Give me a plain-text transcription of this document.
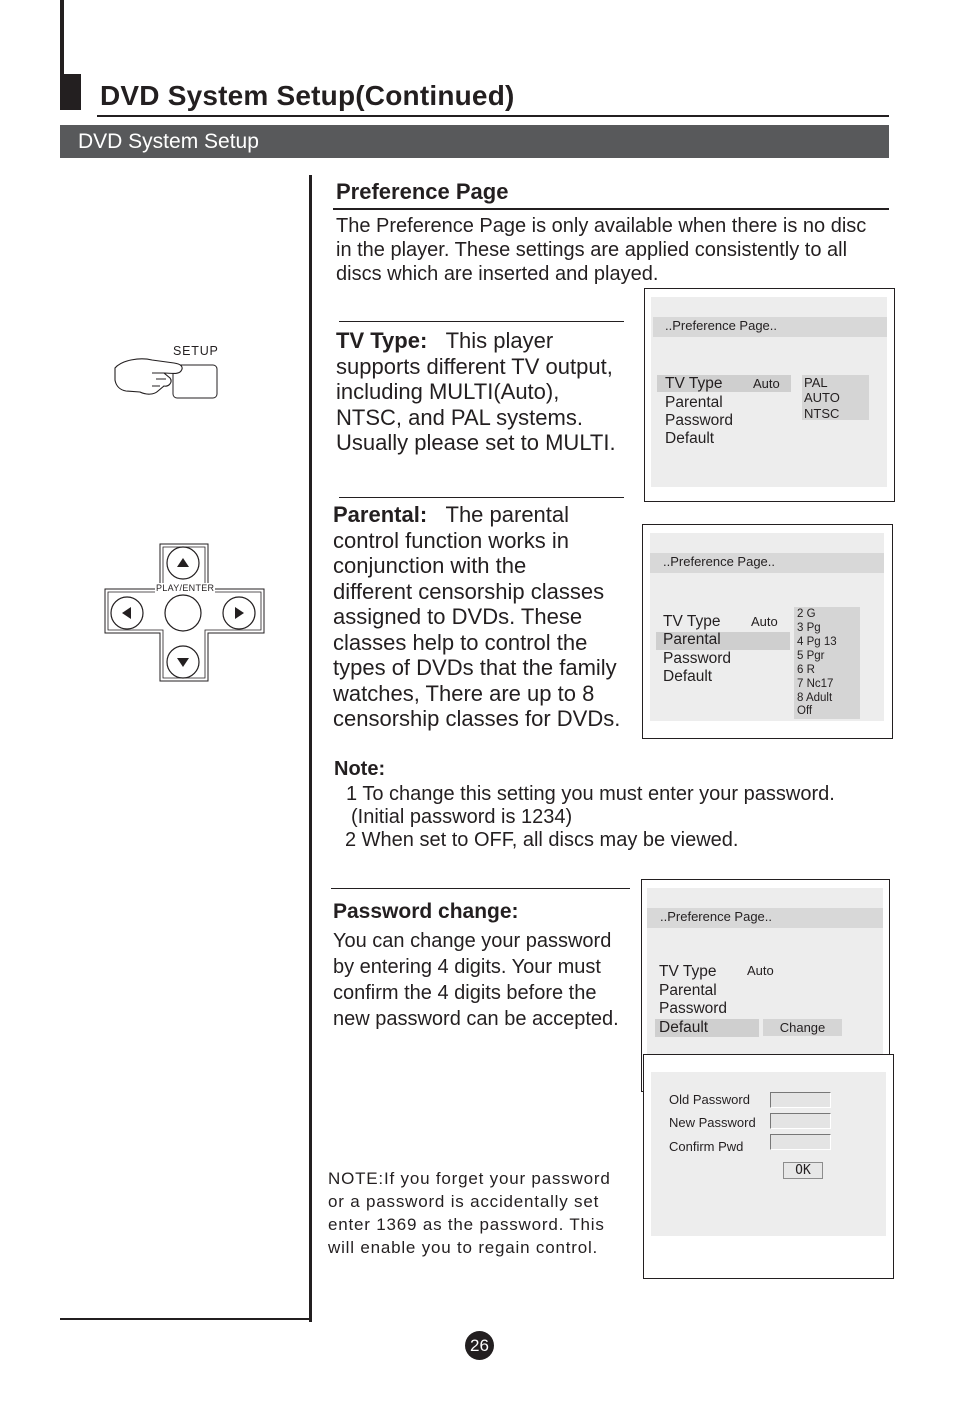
DVD System Setup(Continued)
DVD System Setup
SETUP
PLAY/ENTER
Preference Page
The Preference Page is only available when there is no disc
in the player. These settings are applied consistently to all
discs which are inserted and played.
TV Type: This player
supports different TV output,
including MULTI(Auto),
NTSC, and PAL systems.
Usually please set to MULTI.
..Preference Page..
TV Type
Parental
Password
Default
Auto PAL
AUTO
NTSC
Parental: The parental
control function works in
conjunction with the
different censorship classes
assigned to DVDs. These
classes help to control the
types of DVDs that the family
watches, There are up to 8
censorship classes for DVDs.
..Preference Page..
TV Type
Parental
Password
Default
Auto 2 G
3 Pg
4 Pg 13
5 Pgr
6 R
7 Nc17
8 Adult
Off
Note:
1 To change this setting you must enter your password.
(Initial password is 1234)
2 When set to OFF, all discs may be viewed.
Password change:
You can change your password
by entering 4 digits. Your must
confirm the 4 digits before the
new password can be accepted.
NOTE:If you forget your password
or a password is accidentally set
enter 1369 as the password. This
will enable you to regain control.
..Preference Page..
TV Type
Parental
Password
Default
Auto
Change
Old Password
New Password
Confirm Pwd
OK
26
